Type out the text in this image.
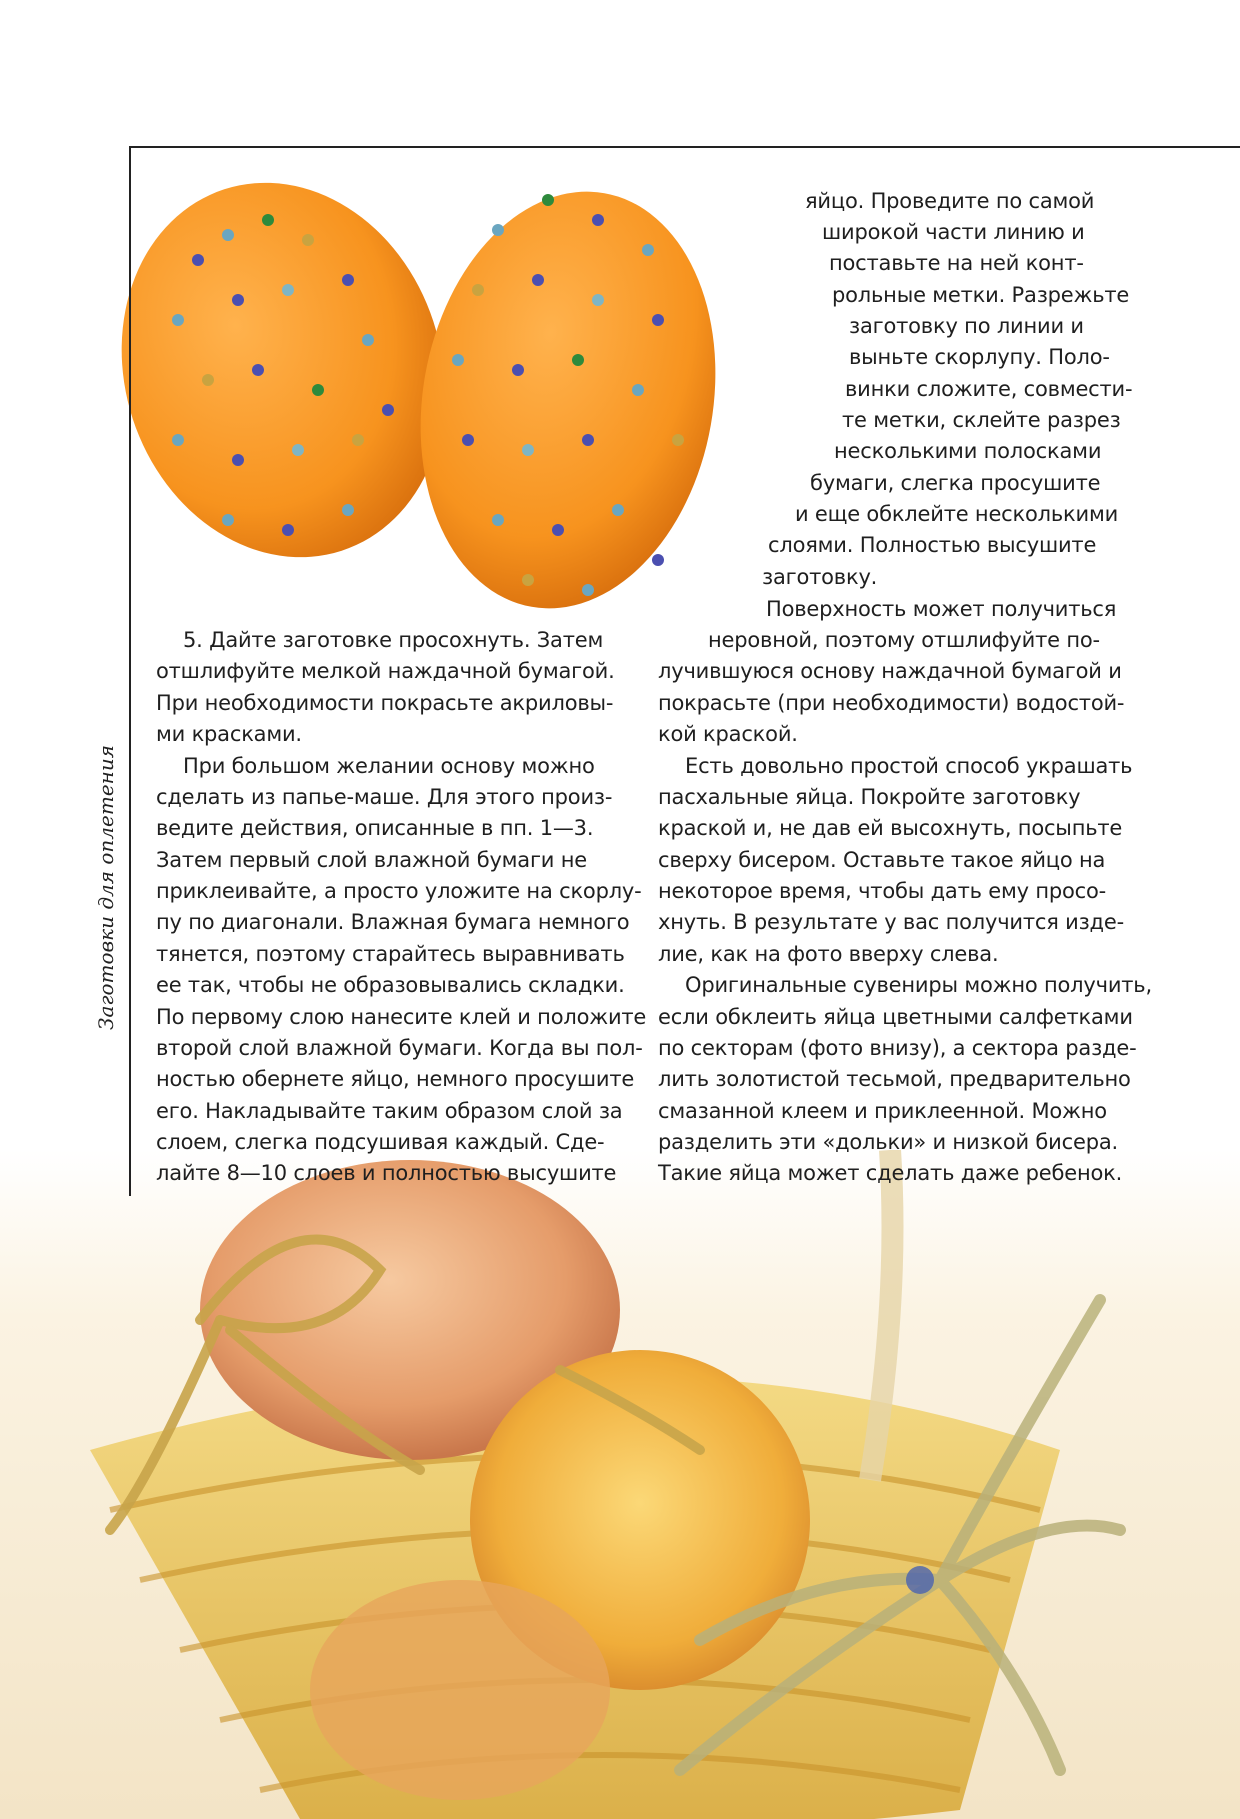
Заготовки для оплетения
яйцо. Проведите по самой
широкой части линию и
поставьте на ней конт-
рольные метки. Разрежьте
заготовку по линии и
выньте скорлупу. Поло-
винки сложите, совмести-
те метки, склейте разрез
несколькими полосками
бумаги, слегка просушите
и еще обклейте несколькими
слоями. Полностью высушите
заготовку.
Поверхность может получиться
неровной, поэтому отшлифуйте по-
лучившуюся основу наждачной бумагой и
покрасьте (при необходимости) водостой-
кой краской.
Есть довольно простой способ украшать
пасхальные яйца. Покройте заготовку
краской и, не дав ей высохнуть, посыпьте
сверху бисером. Оставьте такое яйцо на
некоторое время, чтобы дать ему просо-
хнуть. В результате у вас получится изде-
лие, как на фото вверху слева.
Оригинальные сувениры можно получить,
если обклеить яйца цветными салфетками
по секторам (фото внизу), а сектора разде-
лить золотистой тесьмой, предварительно
смазанной клеем и приклеенной. Можно
разделить эти «дольки» и низкой бисера.
Такие яйца может сделать даже ребенок.
5. Дайте заготовке просохнуть. Затем
отшлифуйте мелкой наждачной бумагой.
При необходимости покрасьте акриловы-
ми красками.
При большом желании основу можно
сделать из папье-маше. Для этого произ-
ведите действия, описанные в пп. 1—3.
Затем первый слой влажной бумаги не
приклеивайте, а просто уложите на скорлу-
пу по диагонали. Влажная бумага немного
тянется, поэтому старайтесь выравнивать
ее так, чтобы не образовывались складки.
По первому слою нанесите клей и положите
второй слой влажной бумаги. Когда вы пол-
ностью обернете яйцо, немного просушите
его. Накладывайте таким образом слой за
слоем, слегка подсушивая каждый. Сде-
лайте 8—10 слоев и полностью высушите
